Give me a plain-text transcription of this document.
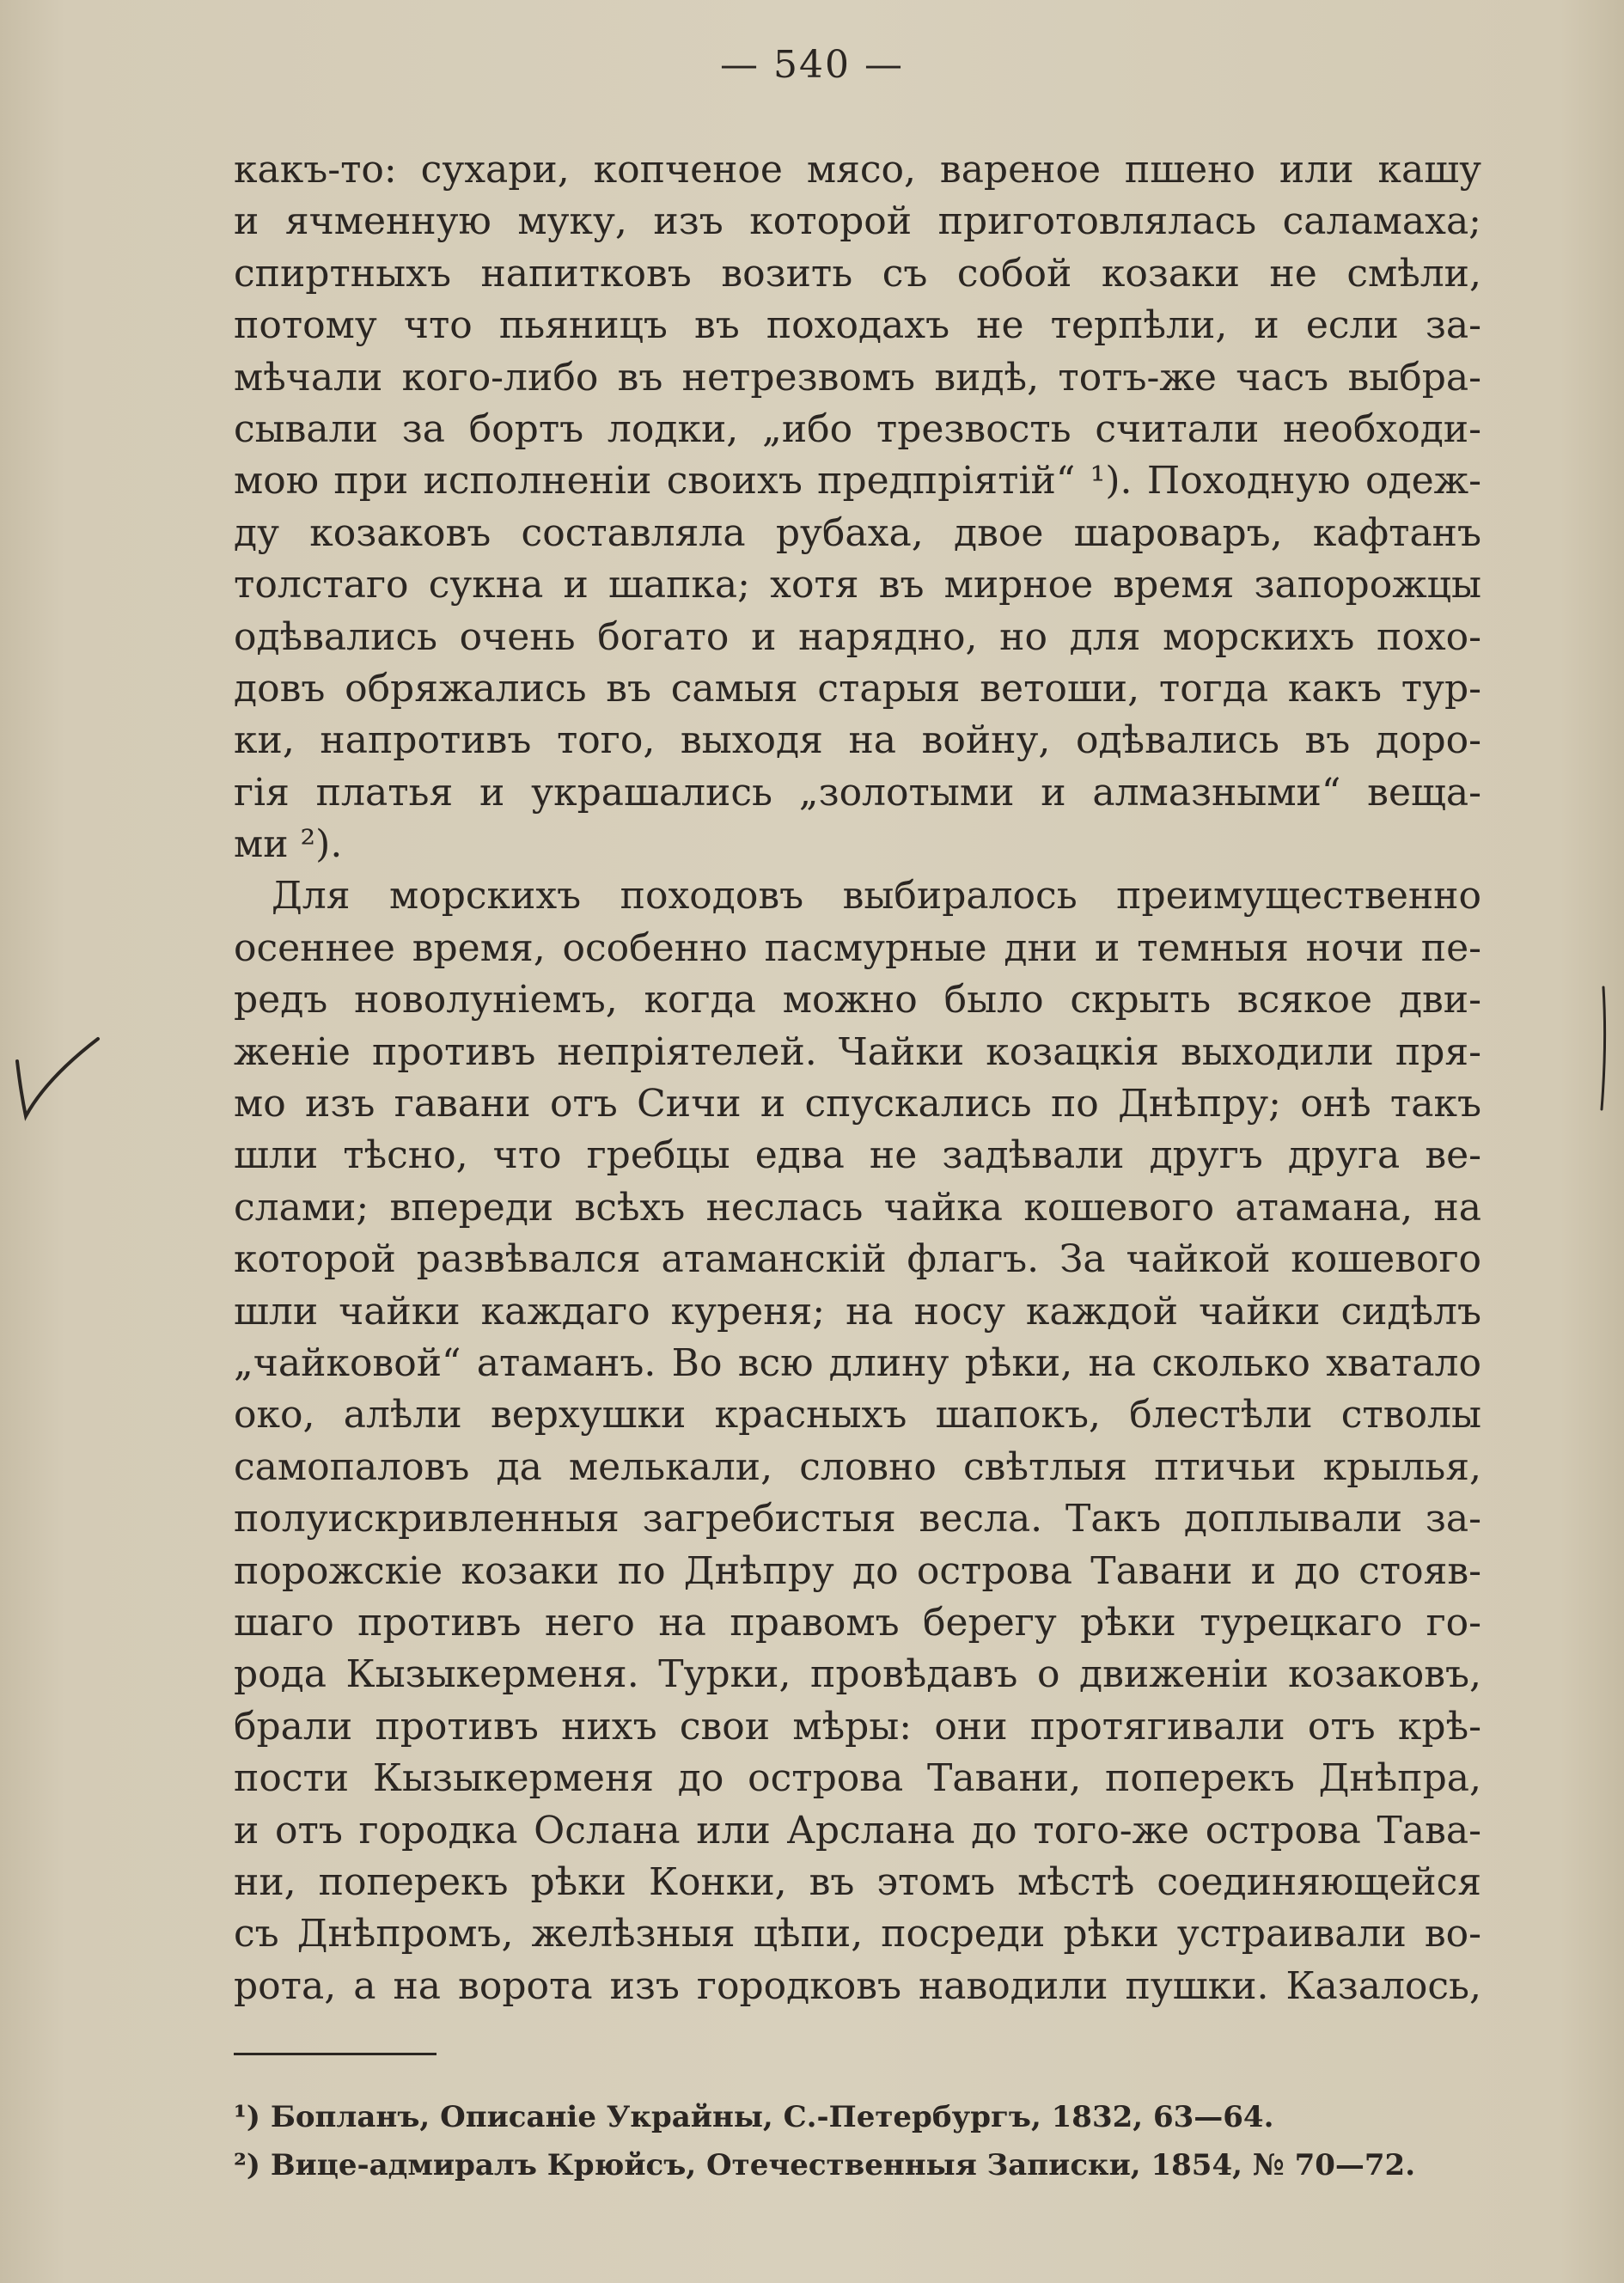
— 540 —
какъ-то: сухари, копченое мясо, вареное пшено или кашу
и ячменную муку, изъ которой приготовлялась саламаха;
спиртныхъ напитковъ возить съ собой козаки не смѣли,
потому что пьяницъ въ походахъ не терпѣли, и если за-
мѣчали кого-либо въ нетрезвомъ видѣ, тотъ-же часъ выбра-
сывали за бортъ лодки, „ибо трезвость считали необходи-
мою при исполненіи своихъ предпріятій“ ¹). Походную одеж-
ду козаковъ составляла рубаха, двое шароваръ, кафтанъ
толстаго сукна и шапка; хотя въ мирное время запорожцы
одѣвались очень богато и нарядно, но для морскихъ похо-
довъ обряжались въ самыя старыя ветоши, тогда какъ тур-
ки, напротивъ того, выходя на войну, одѣвались въ доро-
гія платья и украшались „золотыми и алмазными“ веща-
ми ²).
Для морскихъ походовъ выбиралось преимущественно
осеннее время, особенно пасмурные дни и темныя ночи пе-
редъ новолуніемъ, когда можно было скрыть всякое дви-
женіе противъ непріятелей. Чайки козацкія выходили пря-
мо изъ гавани отъ Сичи и спускались по Днѣпру; онѣ такъ
шли тѣсно, что гребцы едва не задѣвали другъ друга ве-
слами; впереди всѣхъ неслась чайка кошевого атамана, на
которой развѣвался атаманскій флагъ. За чайкой кошевого
шли чайки каждаго куреня; на носу каждой чайки сидѣлъ
„чайковой“ атаманъ. Во всю длину рѣки, на сколько хватало
око, алѣли верхушки красныхъ шапокъ, блестѣли стволы
самопаловъ да мелькали, словно свѣтлыя птичьи крылья,
полуискривленныя загребистыя весла. Такъ доплывали за-
порожскіе козаки по Днѣпру до острова Тавани и до стояв-
шаго противъ него на правомъ берегу рѣки турецкаго го-
рода Кызыкерменя. Турки, провѣдавъ о движеніи козаковъ,
брали противъ нихъ свои мѣры: они протягивали отъ крѣ-
пости Кызыкерменя до острова Тавани, поперекъ Днѣпра,
и отъ городка Ослана или Арслана до того-же острова Тава-
ни, поперекъ рѣки Конки, въ этомъ мѣстѣ соединяющейся
съ Днѣпромъ, желѣзныя цѣпи, посреди рѣки устраивали во-
рота, а на ворота изъ городковъ наводили пушки. Казалось,
¹) Бопланъ, Описаніе Украйны, С.-Петербургъ, 1832, 63—64.
²) Вице-адмиралъ Крюйсъ, Отечественныя Записки, 1854, № 70—72.
